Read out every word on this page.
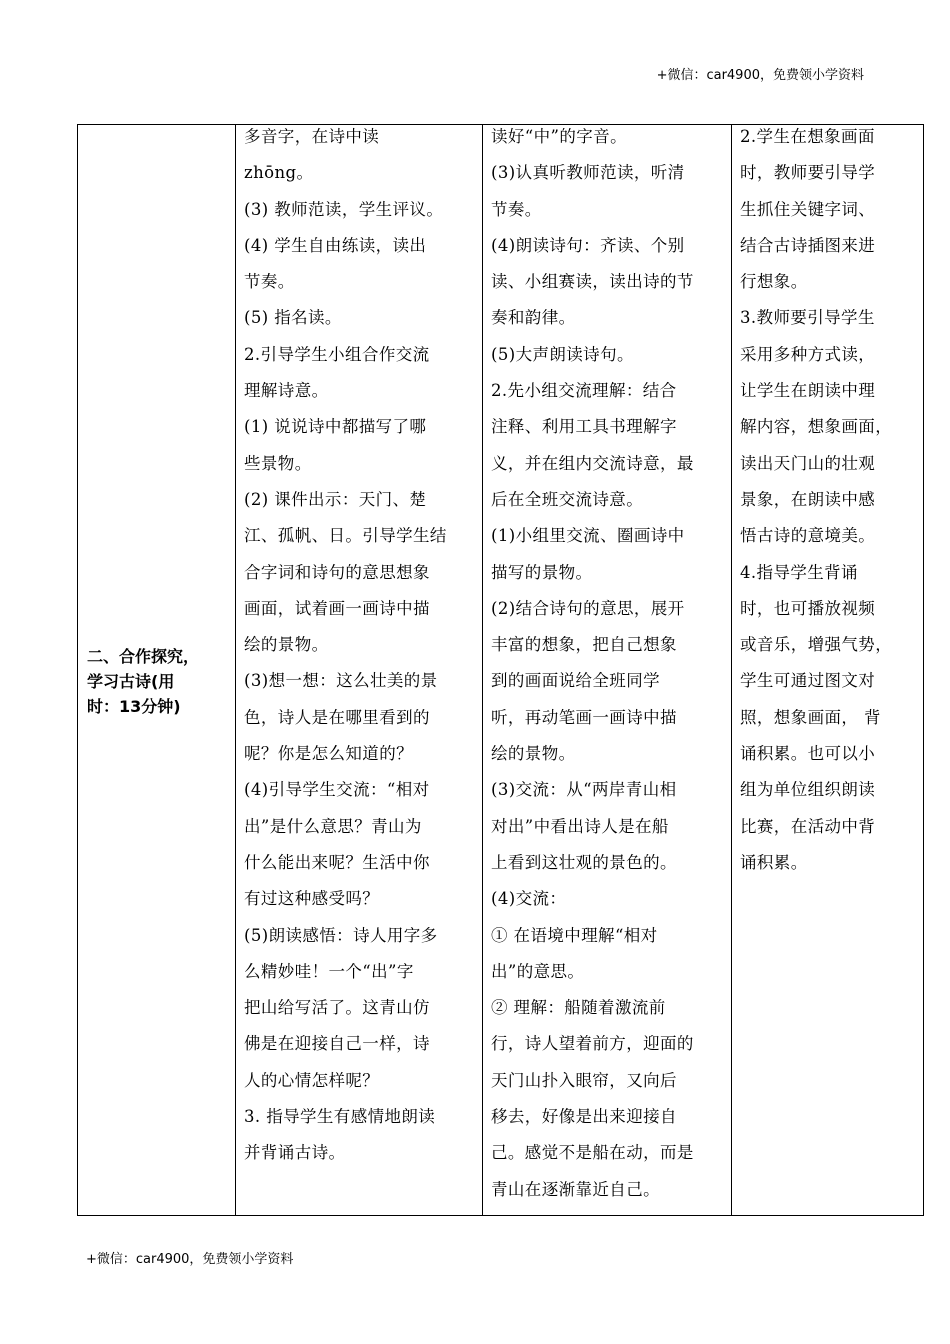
+微信：car4900，免费领小学资料
二、合作探究，
学习古诗(用
时：13分钟)

多音字，在诗中读
zhōng。
(3) 教师范读，学生评议。
(4) 学生自由练读，读出
节奏。
(5) 指名读。
2.引导学生小组合作交流
理解诗意。
(1) 说说诗中都描写了哪
些景物。
(2) 课件出示：天门、楚
江、孤帆、日。引导学生结
合字词和诗句的意思想象
画面，试着画一画诗中描
绘的景物。
(3)想一想：这么壮美的景
色，诗人是在哪里看到的
呢？你是怎么知道的？
(4)引导学生交流：“相对
出”是什么意思？青山为
什么能出来呢？生活中你
有过这种感受吗？
(5)朗读感悟：诗人用字多
么精妙哇！一个“出”字
把山给写活了。这青山仿
佛是在迎接自己一样，诗
人的心情怎样呢？
3. 指导学生有感情地朗读
并背诵古诗。

读好“中”的字音。
(3)认真听教师范读，听清
节奏。
(4)朗读诗句：齐读、个别
读、小组赛读，读出诗的节
奏和韵律。
(5)大声朗读诗句。
2.先小组交流理解：结合
注释、利用工具书理解字
义，并在组内交流诗意，最
后在全班交流诗意。
(1)小组里交流、圈画诗中
描写的景物。
(2)结合诗句的意思，展开
丰富的想象，把自己想象
到的画面说给全班同学
听，再动笔画一画诗中描
绘的景物。
(3)交流：从“两岸青山相
对出”中看出诗人是在船
上看到这壮观的景色的。
(4)交流：
① 在语境中理解“相对
出”的意思。
② 理解：船随着激流前
行，诗人望着前方，迎面的
天门山扑入眼帘，又向后
移去，好像是出来迎接自
己。感觉不是船在动，而是
青山在逐渐靠近自己。

2.学生在想象画面
时，教师要引导学
生抓住关键字词、
结合古诗插图来进
行想象。
3.教师要引导学生
采用多种方式读，
让学生在朗读中理
解内容，想象画面，
读出天门山的壮观
景象，在朗读中感
悟古诗的意境美。
4.指导学生背诵
时，也可播放视频
或音乐，增强气势，
学生可通过图文对
照，想象画面， 背
诵积累。也可以小
组为单位组织朗读
比赛，在活动中背
诵积累。
+微信：car4900，免费领小学资料
